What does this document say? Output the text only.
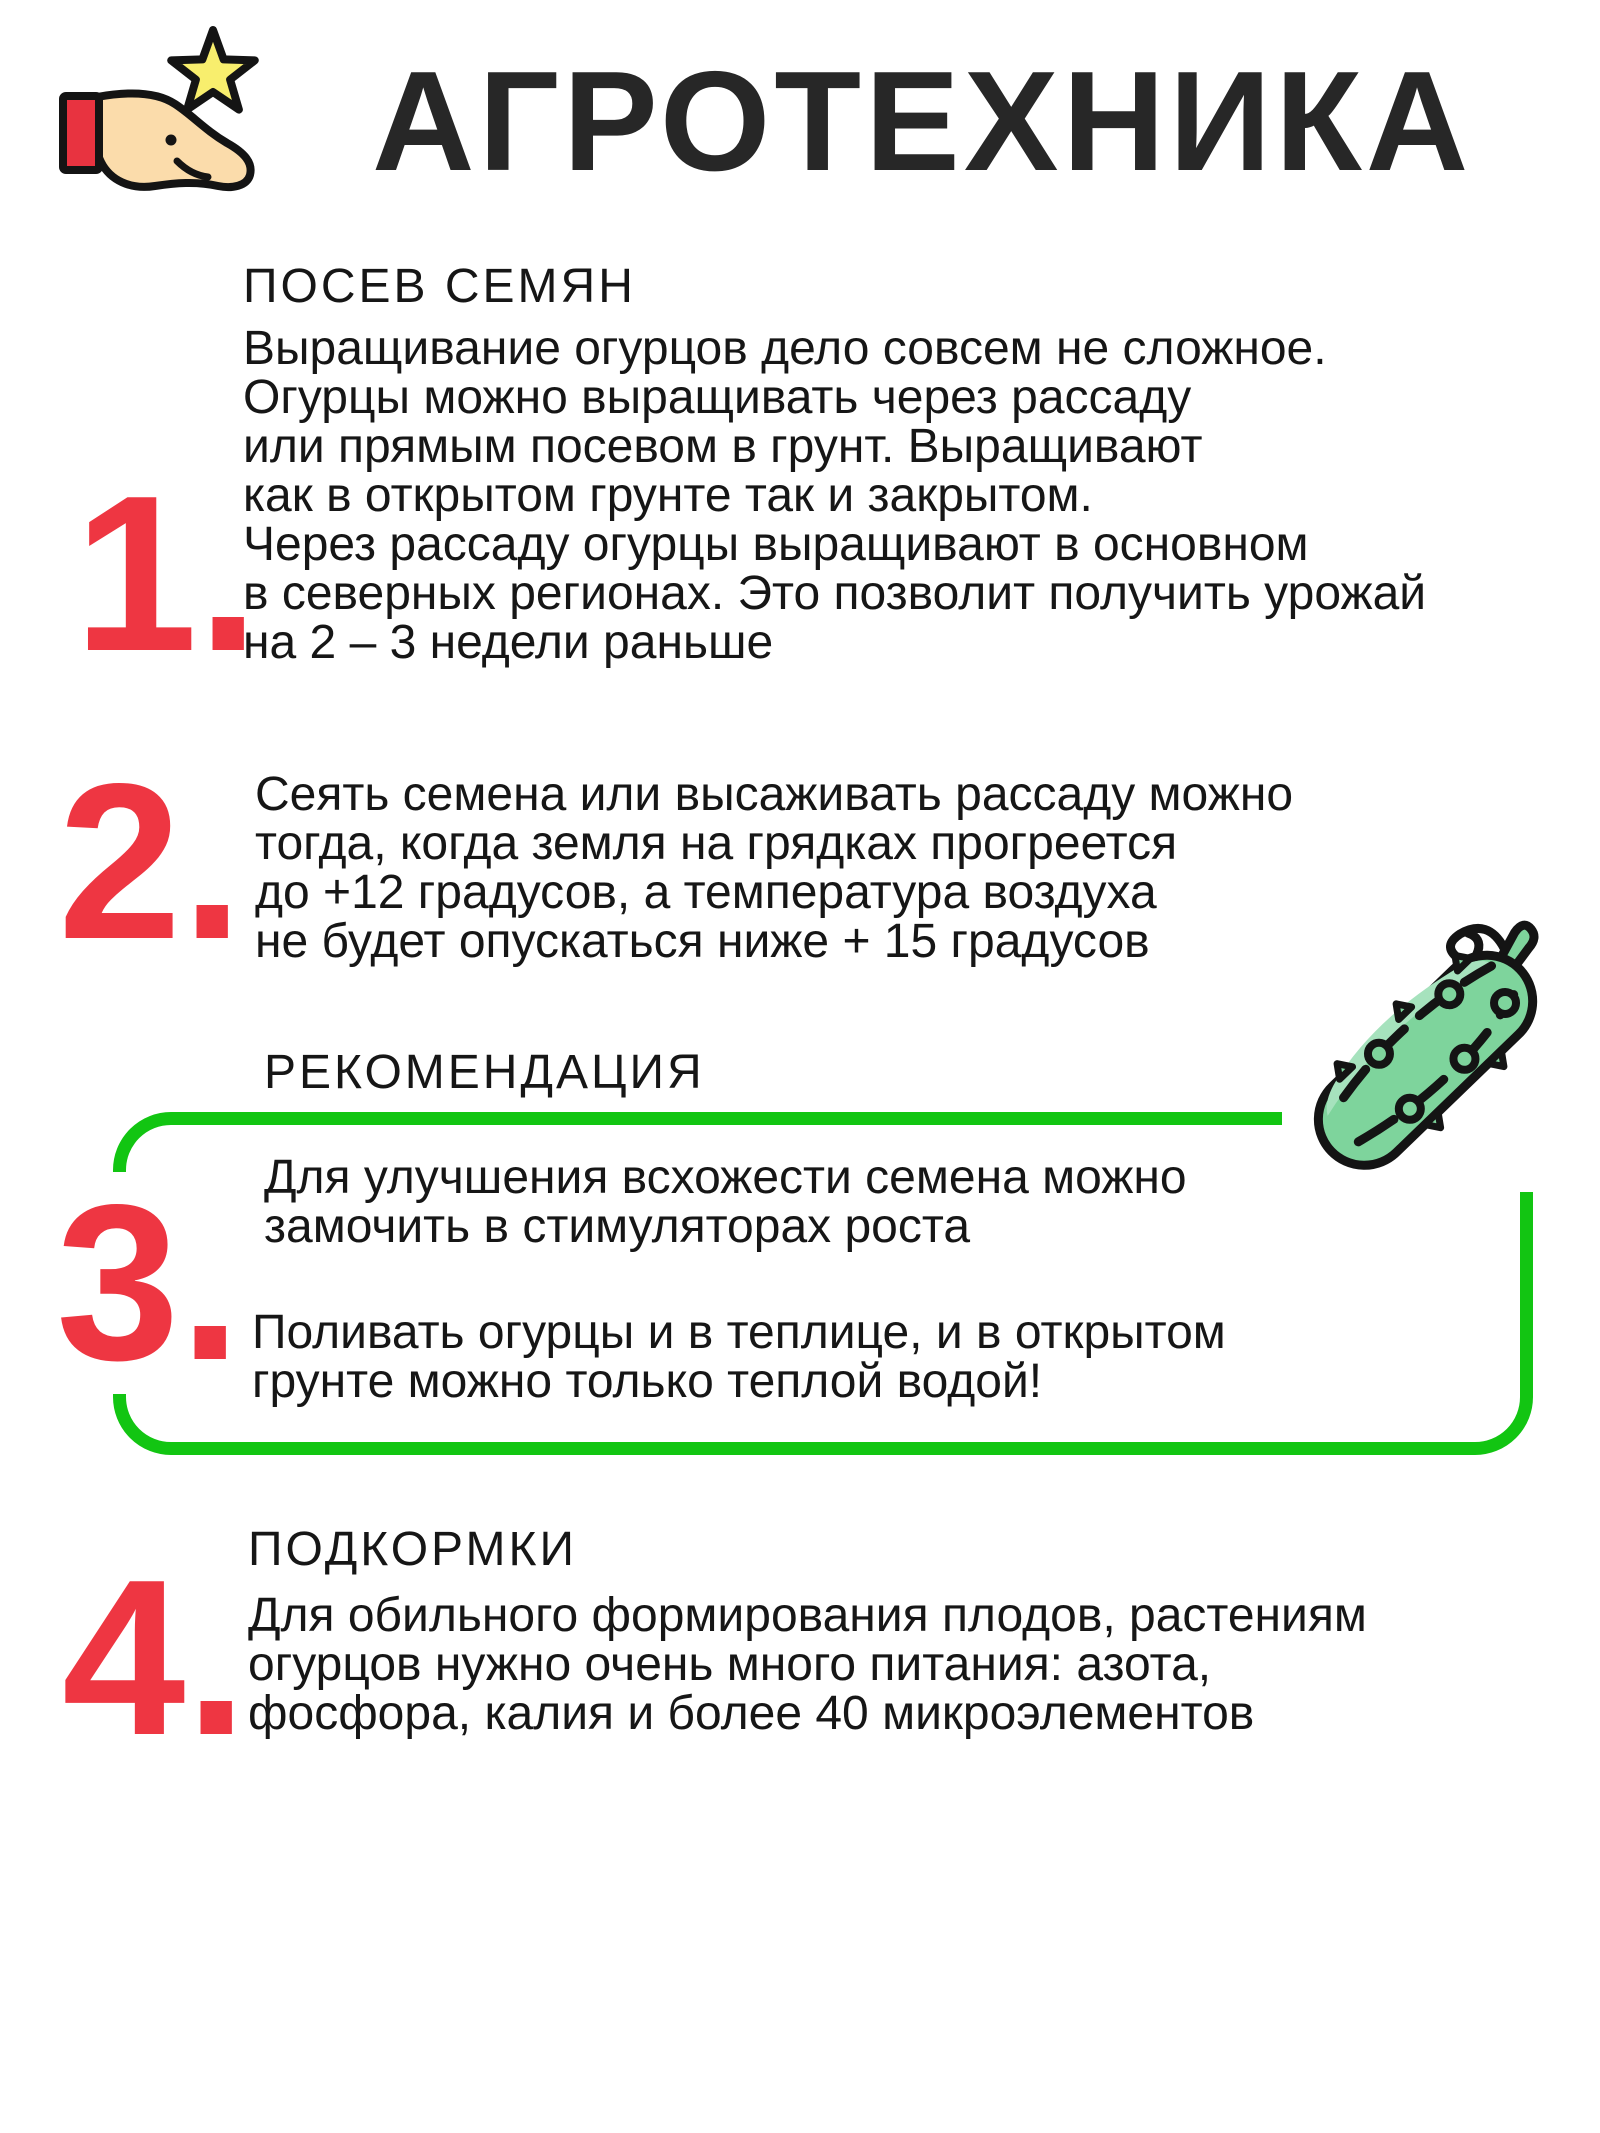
АГРОТЕХНИКА
1.
ПОСЕВ СЕМЯН
Выращивание огурцов дело совсем не сложное.
Огурцы можно выращивать через рассаду
или прямым посевом в грунт. Выращивают
как в открытом грунте так и закрытом.
Через рассаду огурцы выращивают в основном
в северных регионах. Это позволит получить урожай
на 2 – 3 недели раньше
2. Сеять семена или высаживать рассаду можно
тогда, когда земля на грядках прогреется
до +12 градусов, а температура воздуха
не будет опускаться ниже + 15 градусов
РЕКОМЕНДАЦИЯ
3. Для улучшения всхожести семена можно
замочить в стимуляторах роста
Поливать огурцы и в теплице, и в открытом
грунте можно только теплой водой!
4. ПОДКОРМКИ
Для обильного формирования плодов, растениям
огурцов нужно очень много питания: азота,
фосфора, калия и более 40 микроэлементов
